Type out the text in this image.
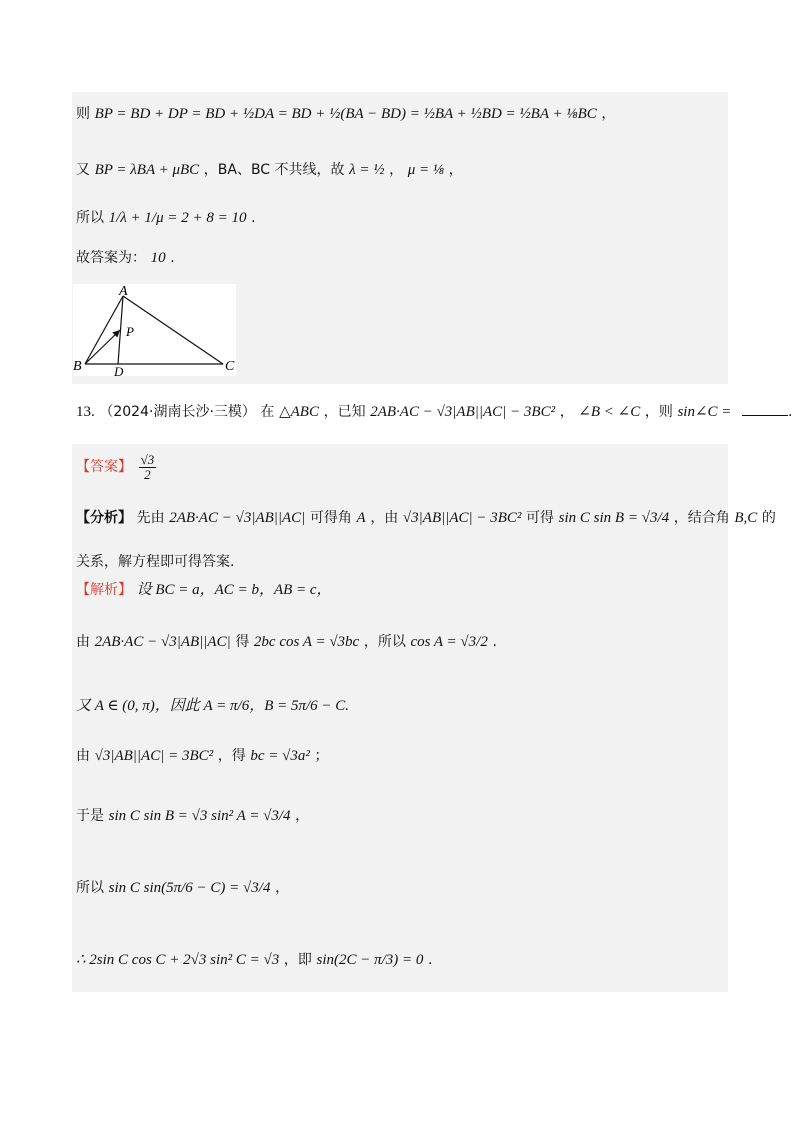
则 BP = BD + DP = BD + ½DA = BD + ½(BA − BD) = ½BA + ½BD = ½BA + ⅛BC ，
又 BP = λBA + μBC ，BA、BC 不共线，故 λ = ½ ， μ = ⅛ ，
所以 1/λ + 1/μ = 2 + 8 = 10 .
故答案为： 10 .
A
B	C
D
P
13. （2024·湖南长沙·三模） 在 △ABC ，已知 2AB·AC − √3|AB||AC| − 3BC² ， ∠B < ∠C ，则 sin∠C =	.
【答案】 $\frac{√3}{2}$
【分析】 先由 2AB·AC − √3|AB||AC| 可得角 A ，由 √3|AB||AC| − 3BC² 可得 sin C sin B = √3/4 ，结合角 B,C 的
关系，解方程即可得答案.
【解析】 设 BC = a，AC = b，AB = c，
由 2AB·AC − √3|AB||AC| 得 2bc cos A = √3bc ，所以 cos A = √3/2 .
又 A ∈ (0, π)，因此 A = π/6，B = 5π/6 − C.
由 √3|AB||AC| = 3BC² ，得 bc = √3a² ；
于是 sin C sin B = √3 sin² A = √3/4 ，
所以 sin C sin(5π/6 − C) = √3/4 ，
∴ 2sin C cos C + 2√3 sin² C = √3 ，即 sin(2C − π/3) = 0 .
